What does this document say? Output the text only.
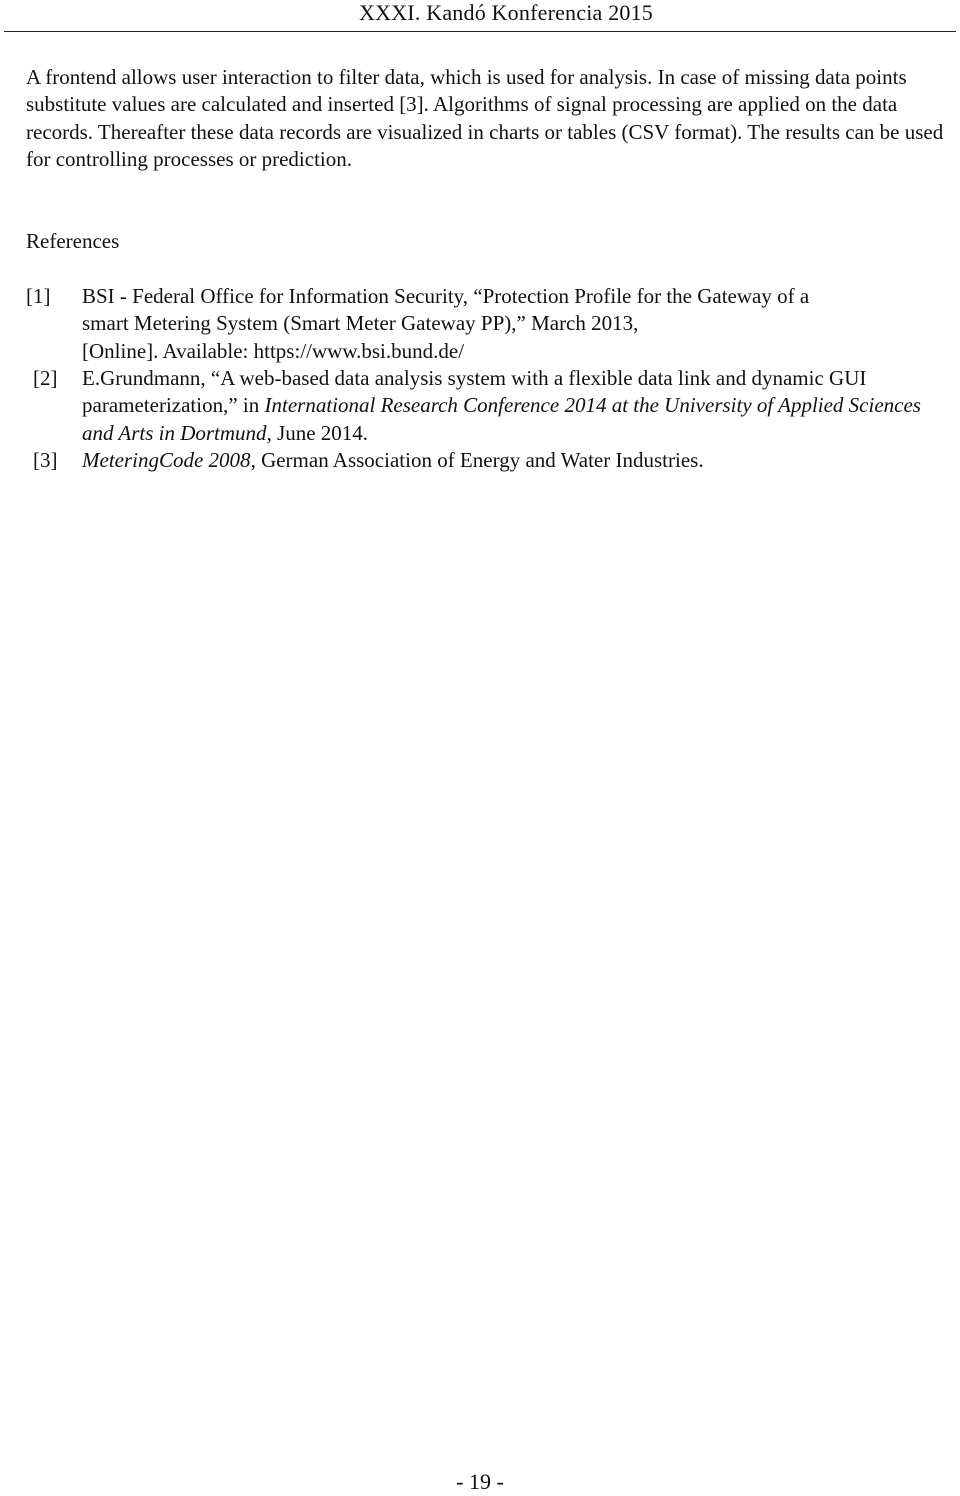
XXXI. Kandó Konferencia 2015

A frontend allows user interaction to filter data, which is used for analysis. In case of missing data points substitute values are calculated and inserted [3]. Algorithms of signal processing are applied on the data records. Thereafter these data records are visualized in charts or tables (CSV format). The results can be used for controlling processes or prediction.

References
[1] BSI - Federal Office for Information Security, “Protection Profile for the Gateway of a
smart Metering System (Smart Meter Gateway PP),” March 2013,
[Online]. Available: https://www.bsi.bund.de/
[2] E.Grundmann, “A web-based data analysis system with a flexible data link and dynamic GUI parameterization,” in International Research Conference 2014 at the University of Applied Sciences and Arts in Dortmund, June 2014.
[3] MeteringCode 2008, German Association of Energy and Water Industries.
- 19 -
